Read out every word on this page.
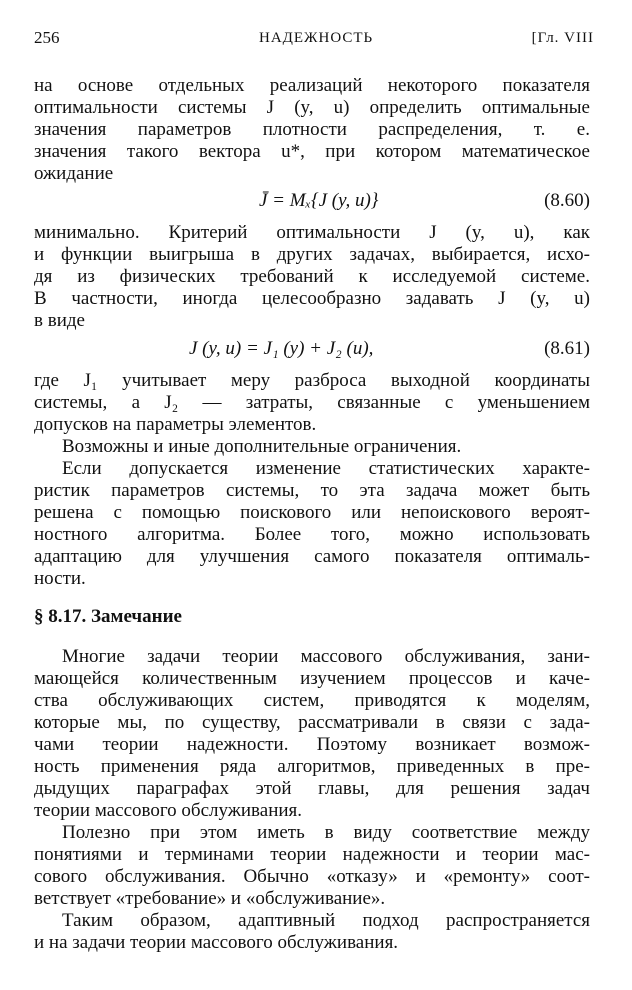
256	НАДЕЖНОСТЬ	[Гл. VIII
на основе отдельных реализаций некоторого показателя
оптимальности системы J (y, u) определить оптимальные
значения параметров плотности распределения, т. е.
значения такого вектора u*, при котором математическое
ожидание
J̄ = Mₓ{J (y, u)}	(8.60)
минимально. Критерий оптимальности J (y, u), как
и функции выигрыша в других задачах, выбирается, исхо-
дя из физических требований к исследуемой системе.
В частности, иногда целесообразно задавать J (y, u)
в виде
J (y, u) = J₁ (y) + J₂ (u),	(8.61)
где J₁ учитывает меру разброса выходной координаты
системы, а J₂ — затраты, связанные с уменьшением
допусков на параметры элементов.
Возможны и иные дополнительные ограничения.
Если допускается изменение статистических характе-
ристик параметров системы, то эта задача может быть
решена с помощью поискового или непоискового вероят-
ностного алгоритма. Более того, можно использовать
адаптацию для улучшения самого показателя оптималь-
ности.
§ 8.17. Замечание
Многие задачи теории массового обслуживания, зани-
мающейся количественным изучением процессов и каче-
ства обслуживающих систем, приводятся к моделям,
которые мы, по существу, рассматривали в связи с зада-
чами теории надежности. Поэтому возникает возмож-
ность применения ряда алгоритмов, приведенных в пре-
дыдущих параграфах этой главы, для решения задач
теории массового обслуживания.
Полезно при этом иметь в виду соответствие между
понятиями и терминами теории надежности и теории мас-
сового обслуживания. Обычно «отказу» и «ремонту» соот-
ветствует «требование» и «обслуживание».
Таким образом, адаптивный подход распространяется
и на задачи теории массового обслуживания.
